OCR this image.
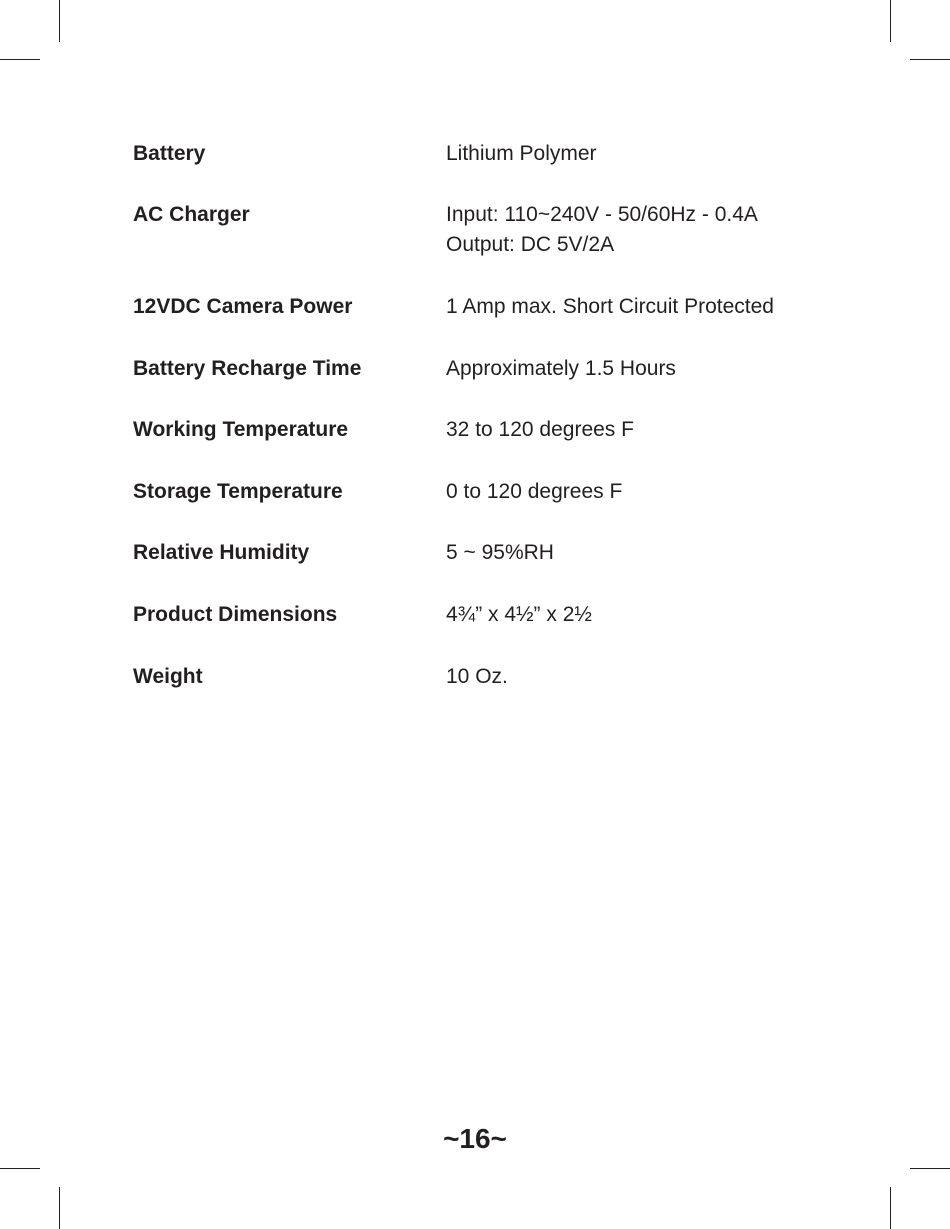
Battery	Lithium Polymer
AC Charger	Input: 110~240V - 50/60Hz - 0.4A
Output: DC 5V/2A
12VDC Camera Power	1 Amp max. Short Circuit Protected
Battery Recharge Time	Approximately 1.5 Hours
Working Temperature	32 to 120 degrees F
Storage Temperature	0 to 120 degrees F
Relative Humidity	5 ~ 95%RH
Product Dimensions	4¾” x 4½” x 2½
Weight	10 Oz.
~16~
